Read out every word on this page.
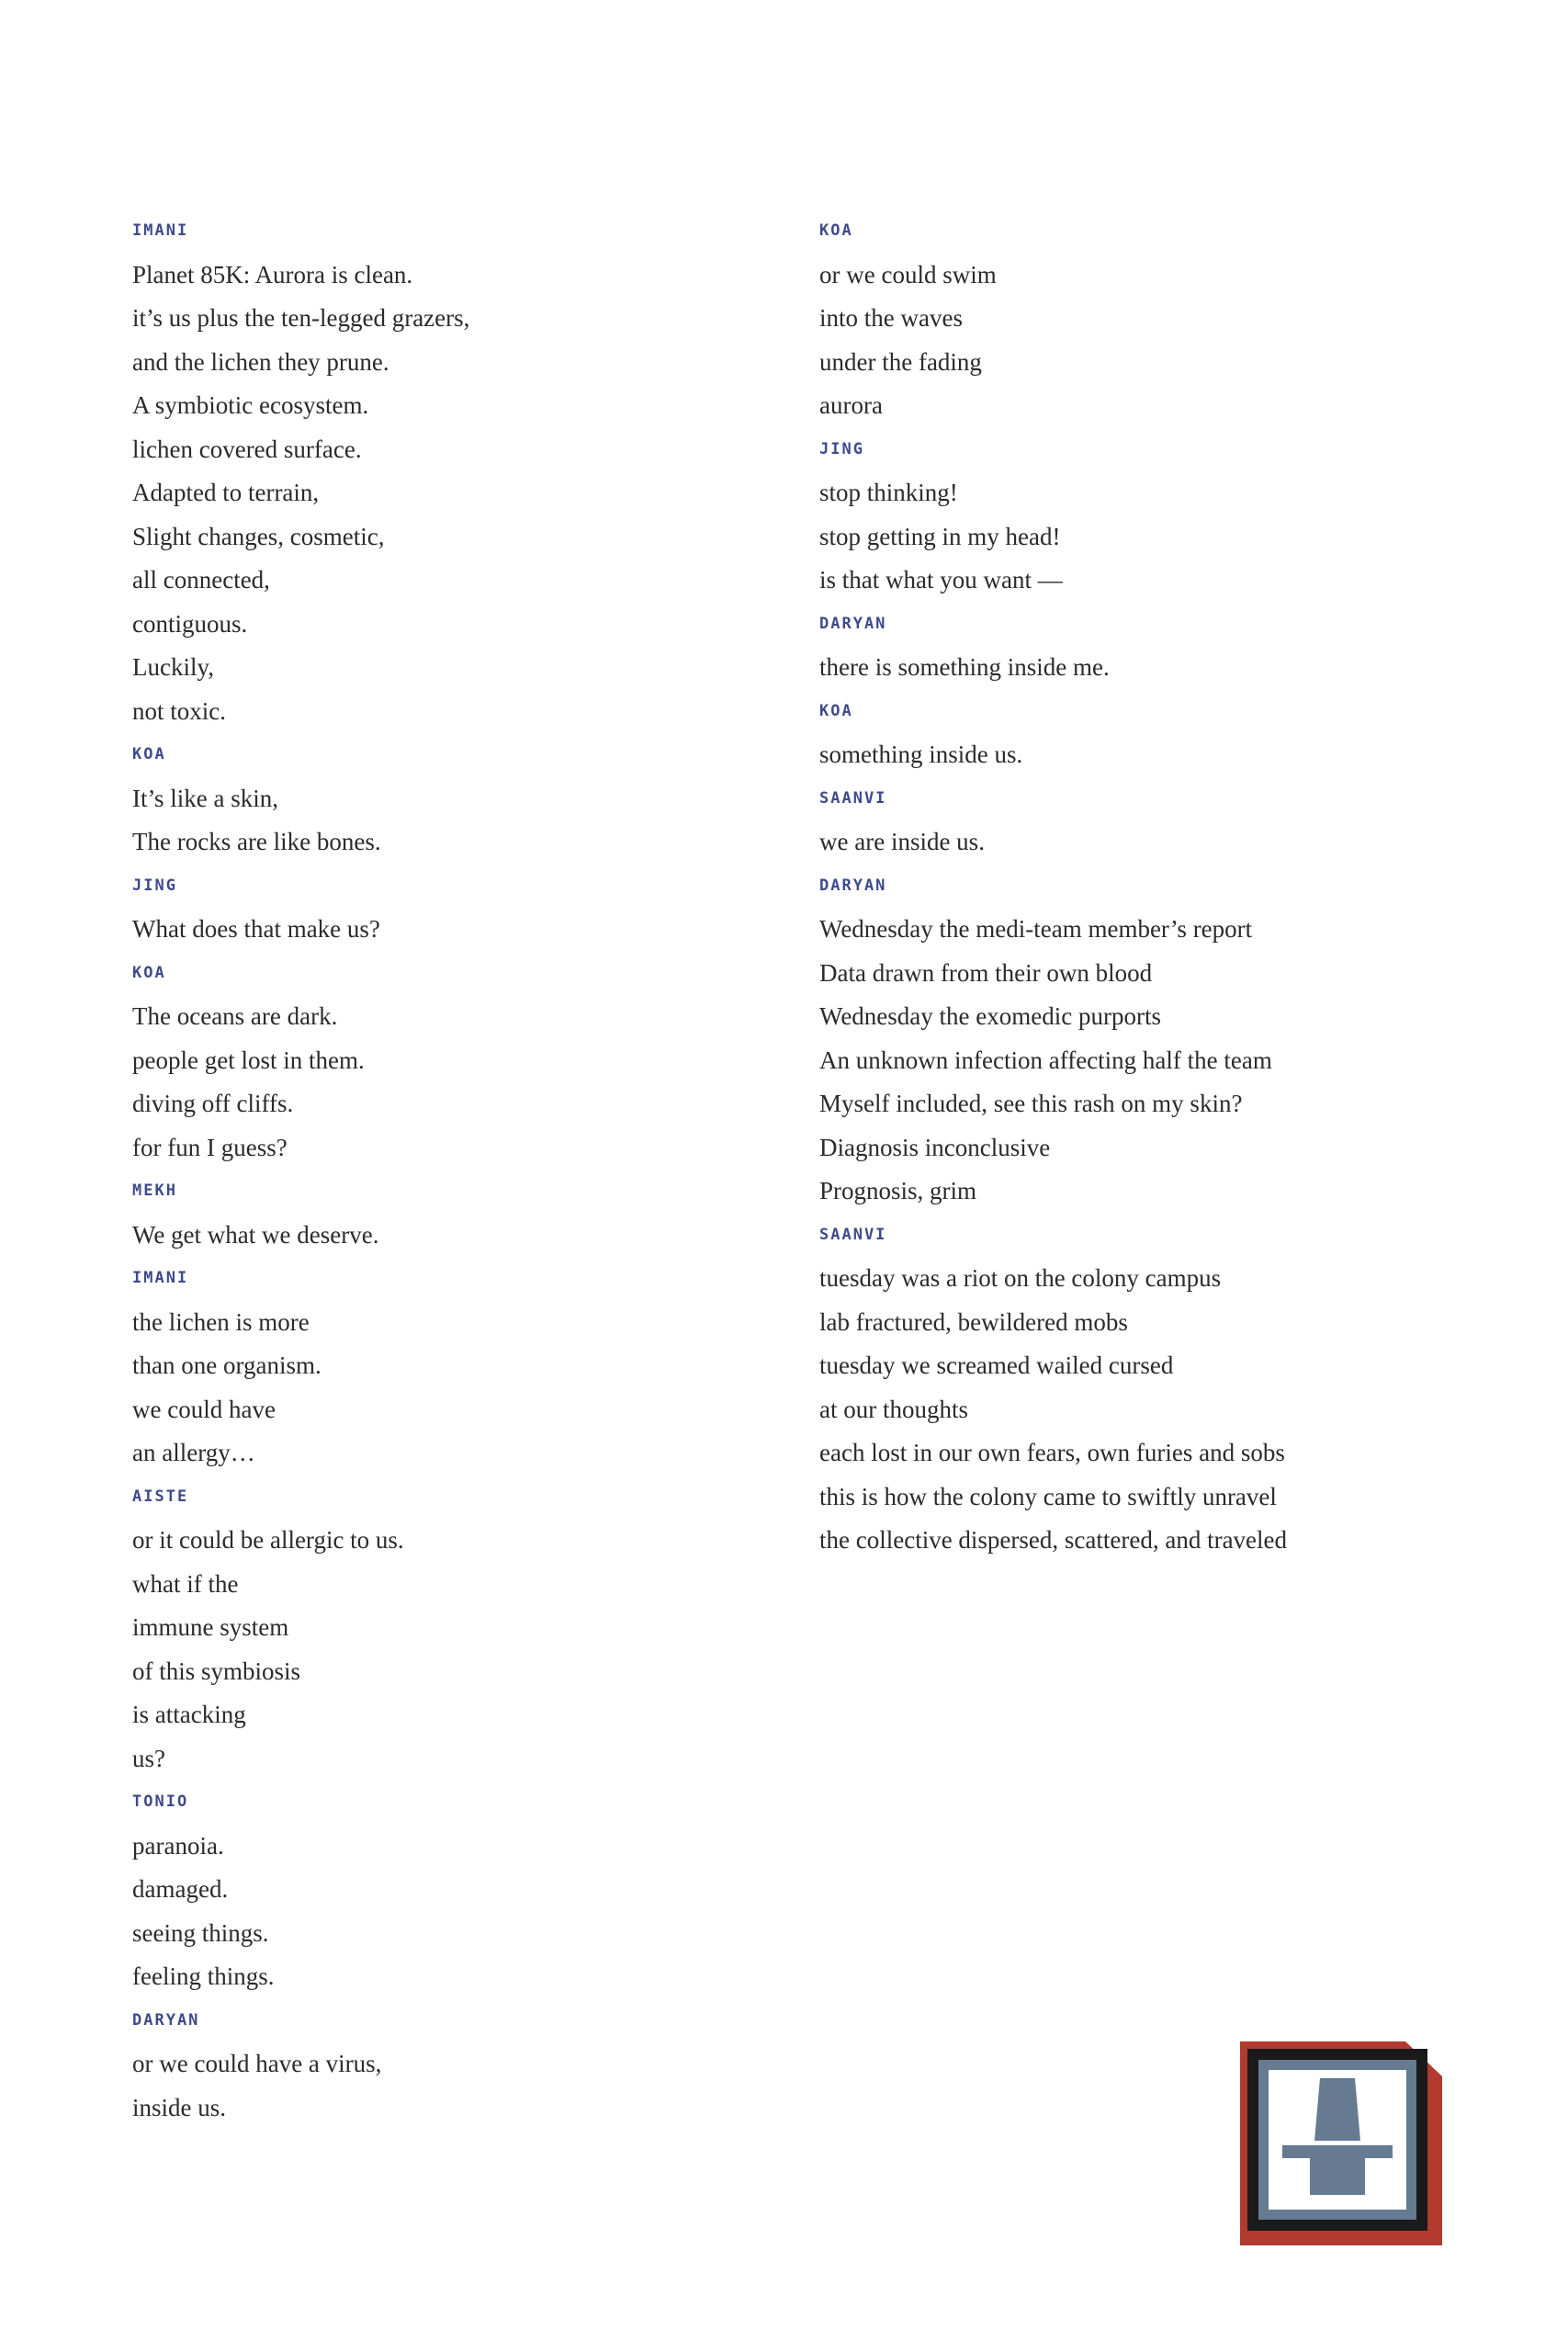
IMANI
Planet 85K: Aurora is clean.
it’s us plus the ten-legged grazers,
and the lichen they prune.
A symbiotic ecosystem.
lichen covered surface.
Adapted to terrain,
Slight changes, cosmetic,
all connected,
contiguous.
Luckily,
not toxic.
KOA
It’s like a skin,
The rocks are like bones.
JING
What does that make us?
KOA
The oceans are dark.
people get lost in them.
diving off cliffs.
for fun I guess?
MEKH
We get what we deserve.
IMANI
the lichen is more
than one organism.
we could have
an allergy…
AISTE
or it could be allergic to us.
what if the
immune system
of this symbiosis
is attacking
us?
TONIO
paranoia.
damaged.
seeing things.
feeling things.
DARYAN
or we could have a virus,
inside us.
KOA
or we could swim
into the waves
under the fading
aurora
JING
stop thinking!
stop getting in my head!
is that what you want —
DARYAN
there is something inside me.
KOA
something inside us.
SAANVI
we are inside us.
DARYAN
Wednesday the medi-team member’s report
Data drawn from their own blood
Wednesday the exomedic purports
An unknown infection affecting half the team
Myself included, see this rash on my skin?
Diagnosis inconclusive
Prognosis, grim
SAANVI
tuesday was a riot on the colony campus
lab fractured, bewildered mobs
tuesday we screamed wailed cursed
at our thoughts
each lost in our own fears, own furies and sobs
this is how the colony came to swiftly unravel
the collective dispersed, scattered, and traveled
